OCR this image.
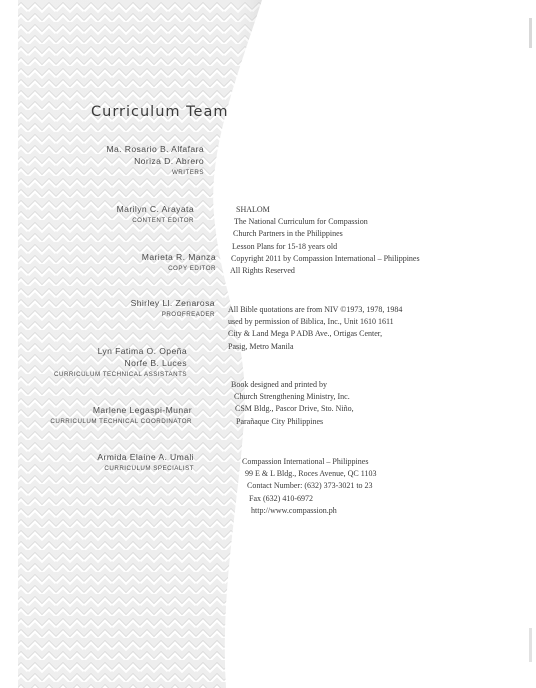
Curriculum Team
Ma. Rosario B. Alfafara
Noriza D. Abrero
WRITERS
Marilyn C. Arayata
CONTENT EDITOR
Marieta R. Manza
COPY EDITOR
Shirley Ll. Zenarosa
PROOFREADER
Lyn Fatima O. Opeña
Norfe B. Luces
CURRICULUM TECHNICAL ASSISTANTS
Marlene Legaspi-Munar
CURRICULUM TECHNICAL COORDINATOR
Armida Elaine A. Umali
CURRICULUM SPECIALIST
SHALOM
The National Curriculum for Compassion
Church Partners in the Philippines
Lesson Plans for 15-18 years old
Copyright 2011 by Compassion International – Philippines
All Rights Reserved
All Bible quotations are from NIV ©1973, 1978, 1984
used by permission of Biblica, Inc., Unit 1610 1611
City & Land Mega P ADB Ave., Ortigas Center,
Pasig, Metro Manila
Book designed and printed by
Church Strengthening Ministry, Inc.
CSM Bldg., Pascor Drive, Sto. Niño,
Parañaque City Philippines
Compassion International – Philippines
99 E & L Bldg., Roces Avenue, QC 1103
Contact Number: (632) 373-3021 to 23
Fax (632) 410-6972
http://www.compassion.ph
